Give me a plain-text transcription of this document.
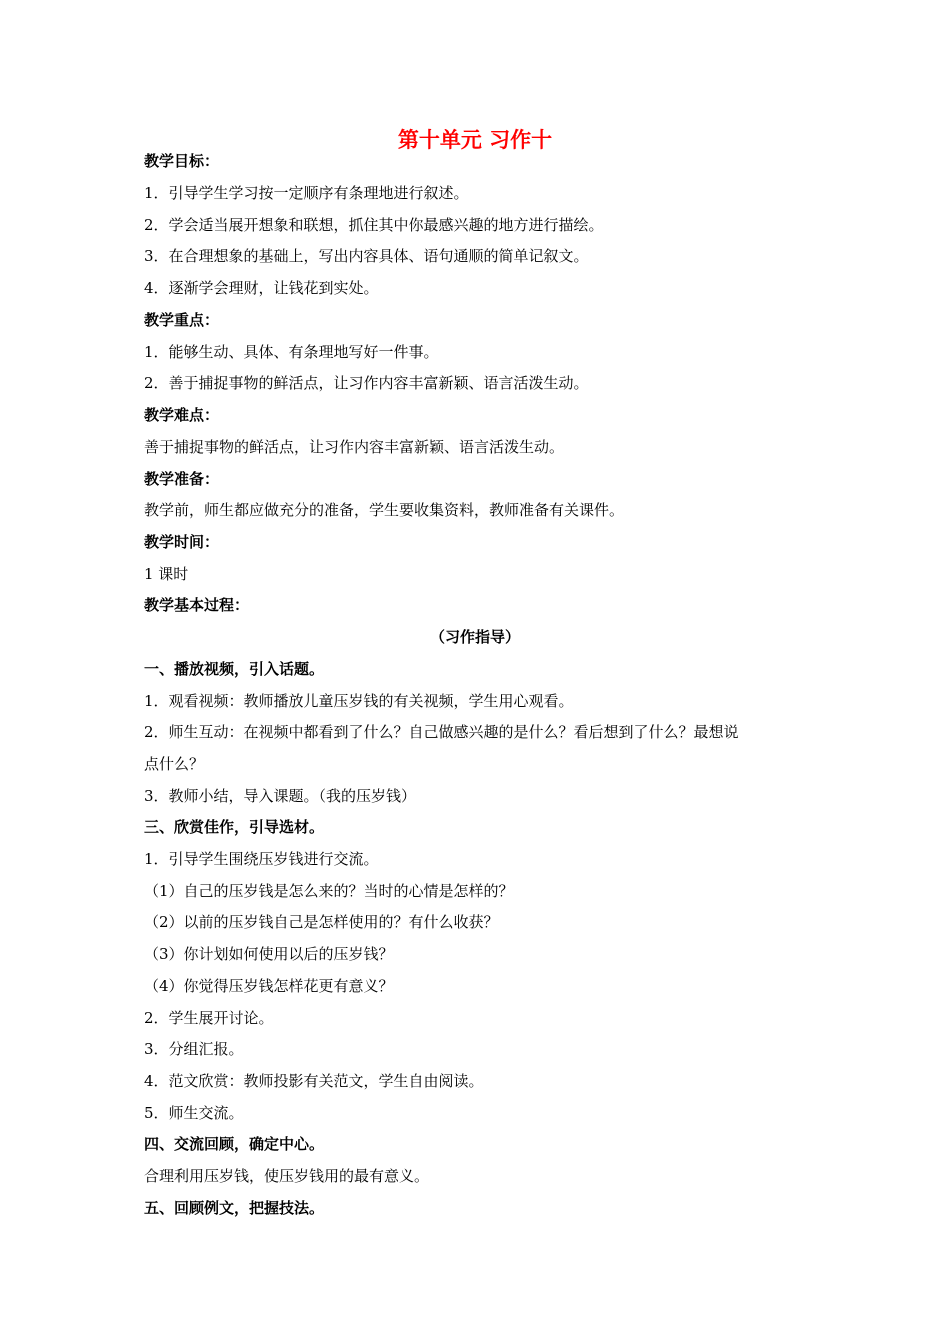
第十单元 习作十
教学目标：
1．引导学生学习按一定顺序有条理地进行叙述。
2．学会适当展开想象和联想，抓住其中你最感兴趣的地方进行描绘。
3．在合理想象的基础上，写出内容具体、语句通顺的简单记叙文。
4．逐渐学会理财，让钱花到实处。
教学重点：
1．能够生动、具体、有条理地写好一件事。
2．善于捕捉事物的鲜活点，让习作内容丰富新颖、语言活泼生动。
教学难点：
善于捕捉事物的鲜活点，让习作内容丰富新颖、语言活泼生动。
教学准备：
教学前，师生都应做充分的准备，学生要收集资料，教师准备有关课件。
教学时间：
1 课时
教学基本过程：
（习作指导）
一、播放视频，引入话题。
1．观看视频：教师播放儿童压岁钱的有关视频，学生用心观看。
2．师生互动：在视频中都看到了什么？自己做感兴趣的是什么？看后想到了什么？最想说
点什么？
3．教师小结，导入课题。（我的压岁钱）
三、欣赏佳作，引导选材。
1．引导学生围绕压岁钱进行交流。
（1）自己的压岁钱是怎么来的？当时的心情是怎样的？
（2）以前的压岁钱自己是怎样使用的？有什么收获？
（3）你计划如何使用以后的压岁钱？
（4）你觉得压岁钱怎样花更有意义？
2．学生展开讨论。
3．分组汇报。
4．范文欣赏：教师投影有关范文，学生自由阅读。
5．师生交流。
四、交流回顾，确定中心。
合理利用压岁钱，使压岁钱用的最有意义。
五、回顾例文，把握技法。
